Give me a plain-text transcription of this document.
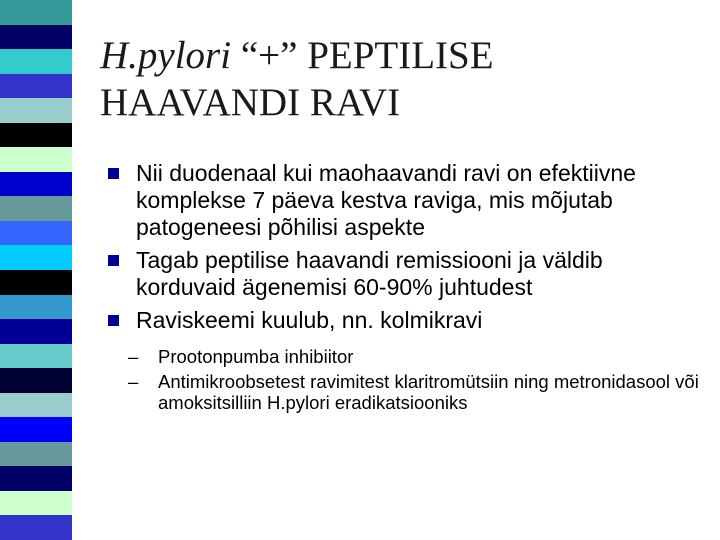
H.pylori “+” PEPTILISE HAAVANDI RAVI
Nii duodenaal kui maohaavandi ravi on efektiivne komplekse 7 päeva kestva raviga, mis mõjutab patogeneesi põhilisi aspekte
Tagab peptilise haavandi remissiooni ja väldib korduvaid ägenemisi 60-90% juhtudest
Raviskeemi kuulub, nn. kolmikravi
– Prootonpumba inhibiitor
– Antimikroobsetest ravimitest klaritromütsiin ning metronidasool või amoksitsilliin H.pylori eradikatsiooniks
